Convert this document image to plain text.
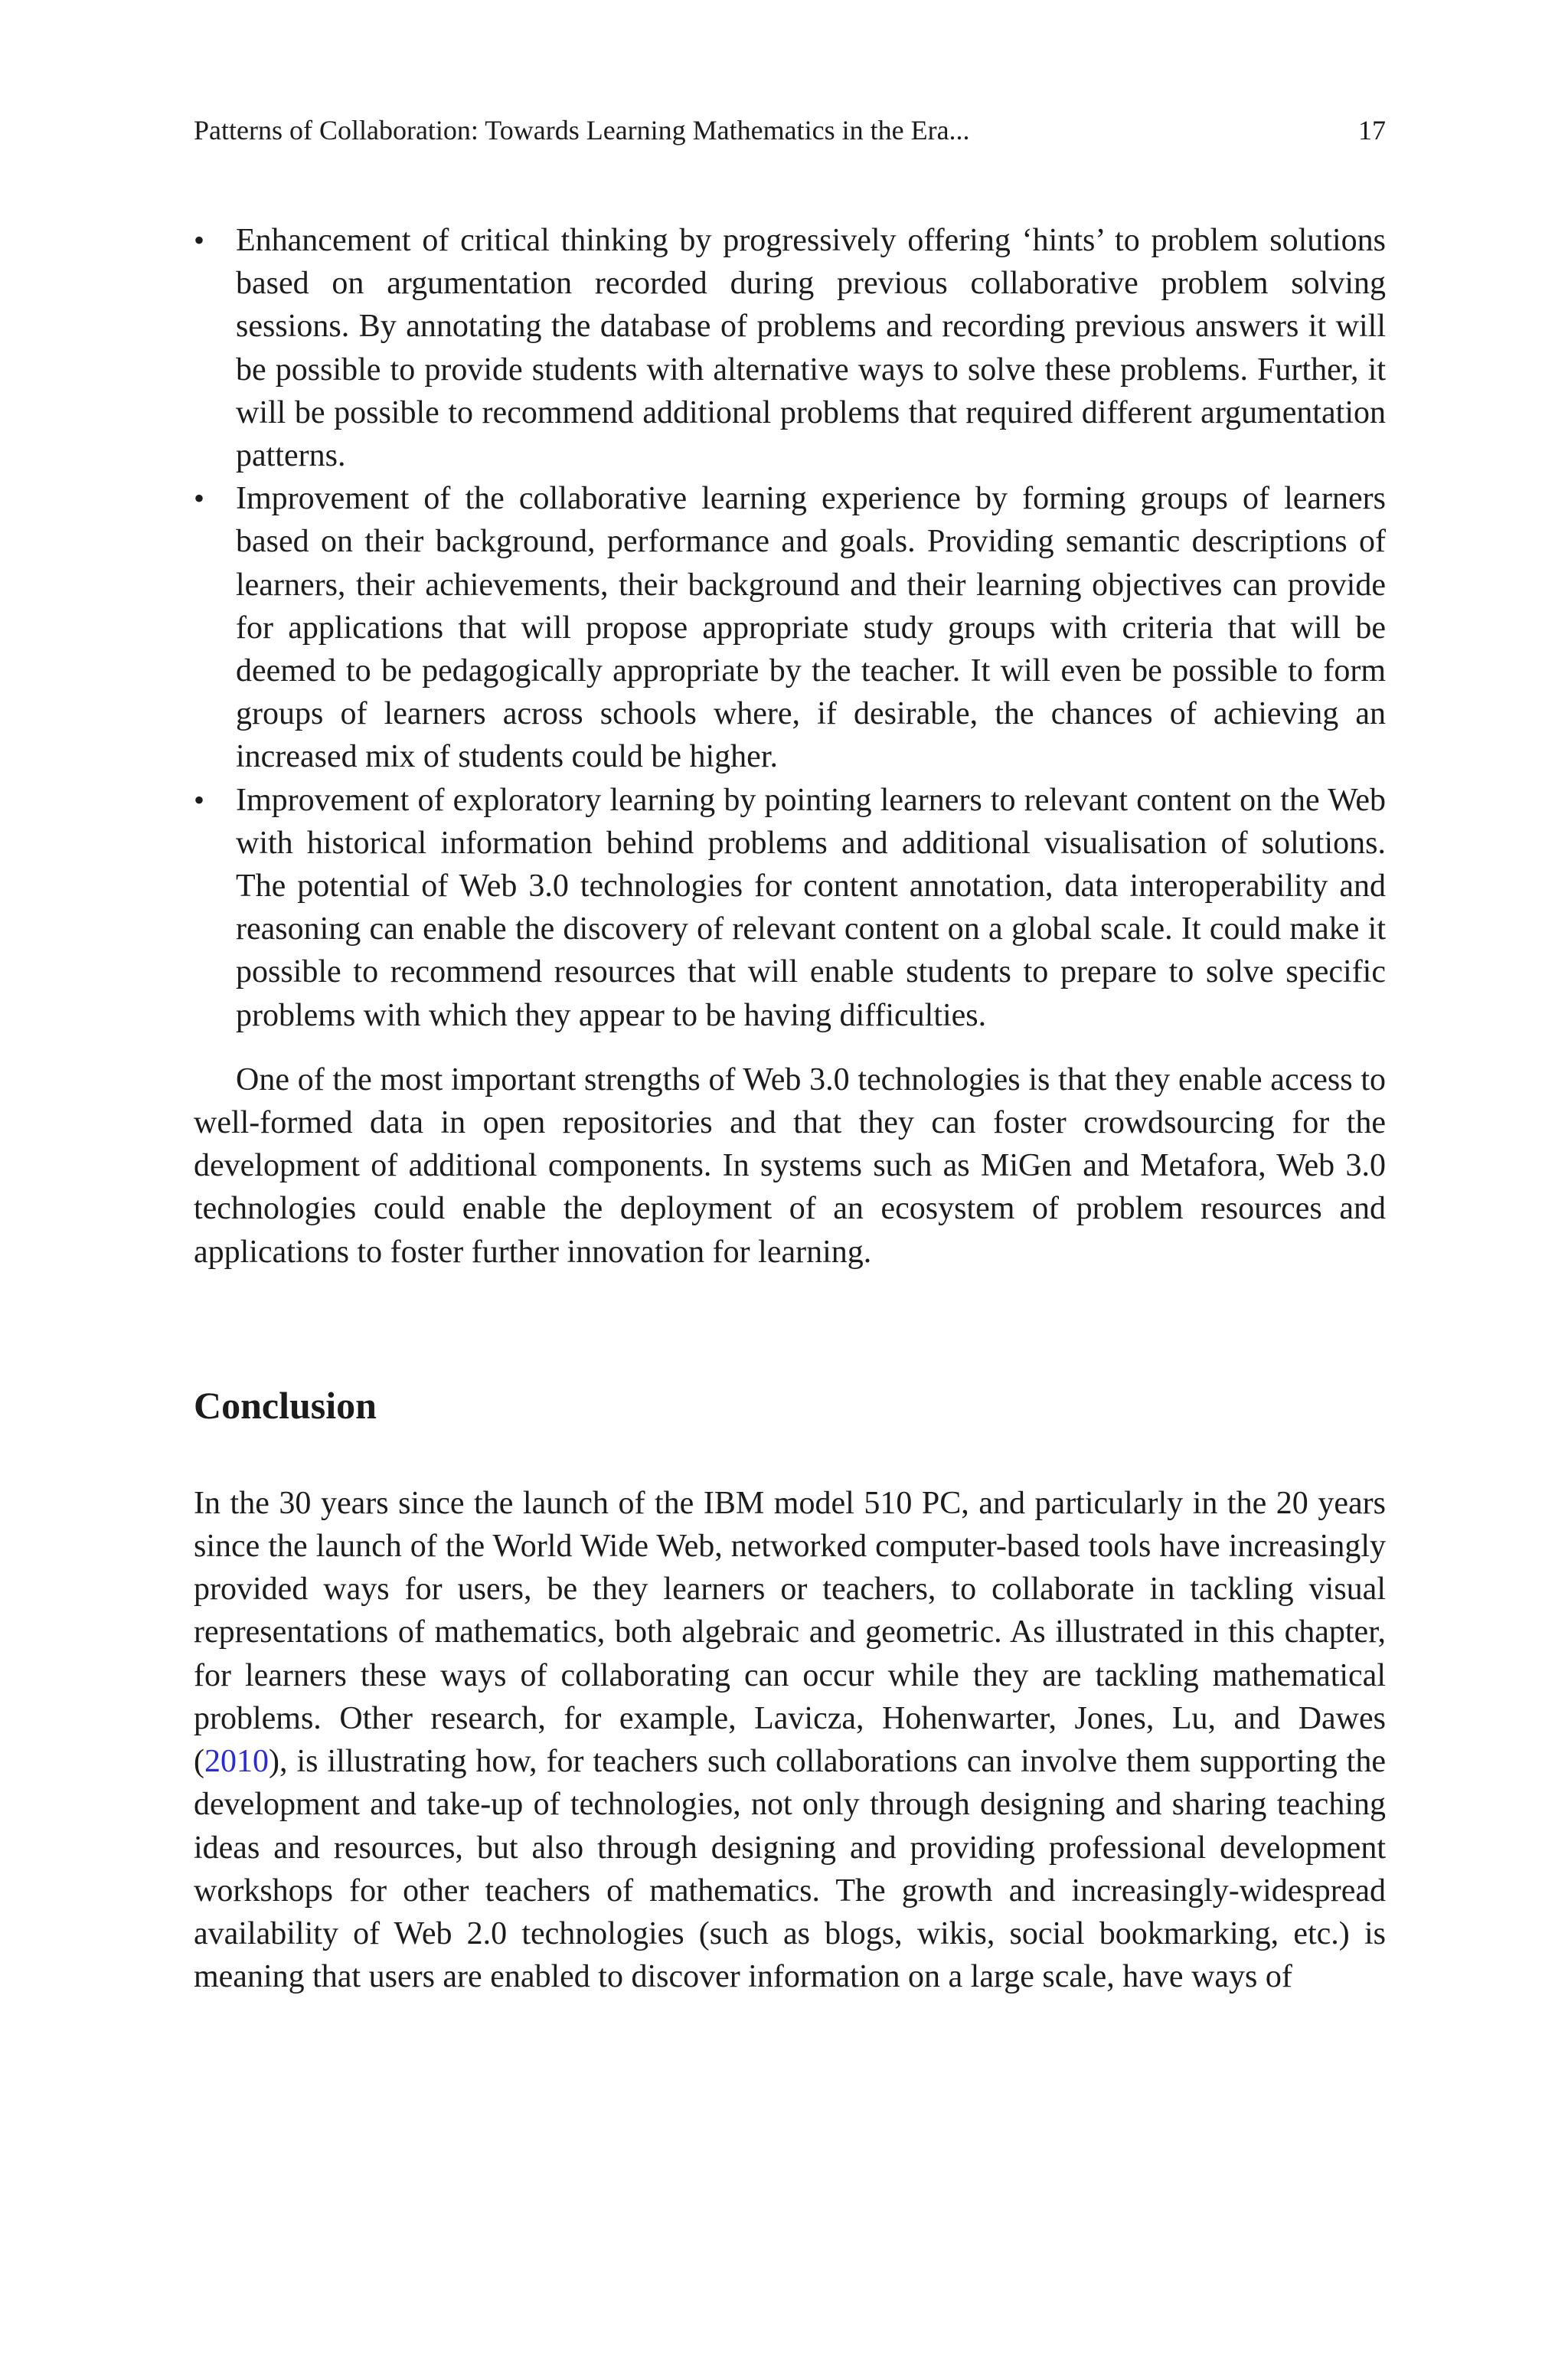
Patterns of Collaboration: Towards Learning Mathematics in the Era...	17
• Enhancement of critical thinking by progressively offering ‘hints’ to problem solutions based on argumentation recorded during previous collaborative problem solving sessions. By annotating the database of problems and recording previous answers it will be possible to provide students with alternative ways to solve these problems. Further, it will be possible to recommend additional problems that required different argumentation patterns.
• Improvement of the collaborative learning experience by forming groups of learners based on their background, performance and goals. Providing semantic descriptions of learners, their achievements, their background and their learning objectives can provide for applications that will propose appropriate study groups with criteria that will be deemed to be pedagogically appropriate by the teacher. It will even be possible to form groups of learners across schools where, if desirable, the chances of achieving an increased mix of students could be higher.
• Improvement of exploratory learning by pointing learners to relevant content on the Web with historical information behind problems and additional visualisation of solutions. The potential of Web 3.0 technologies for content annotation, data interoperability and reasoning can enable the discovery of relevant content on a global scale. It could make it possible to recommend resources that will enable students to prepare to solve specific problems with which they appear to be having difficulties.

One of the most important strengths of Web 3.0 technologies is that they enable access to well-formed data in open repositories and that they can foster crowdsourcing for the development of additional components. In systems such as MiGen and Metafora, Web 3.0 technologies could enable the deployment of an ecosystem of problem resources and applications to foster further innovation for learning.

Conclusion

In the 30 years since the launch of the IBM model 510 PC, and particularly in the 20 years since the launch of the World Wide Web, networked computer-based tools have increasingly provided ways for users, be they learners or teachers, to collaborate in tackling visual representations of mathematics, both algebraic and geometric. As illustrated in this chapter, for learners these ways of collaborating can occur while they are tackling mathematical problems. Other research, for example, Lavicza, Hohenwarter, Jones, Lu, and Dawes (2010), is illustrating how, for teachers such collaborations can involve them supporting the development and take-up of technologies, not only through designing and sharing teaching ideas and resources, but also through designing and providing professional development workshops for other teachers of mathematics. The growth and increasingly-widespread availability of Web 2.0 technologies (such as blogs, wikis, social bookmarking, etc.) is meaning that users are enabled to discover information on a large scale, have ways of
